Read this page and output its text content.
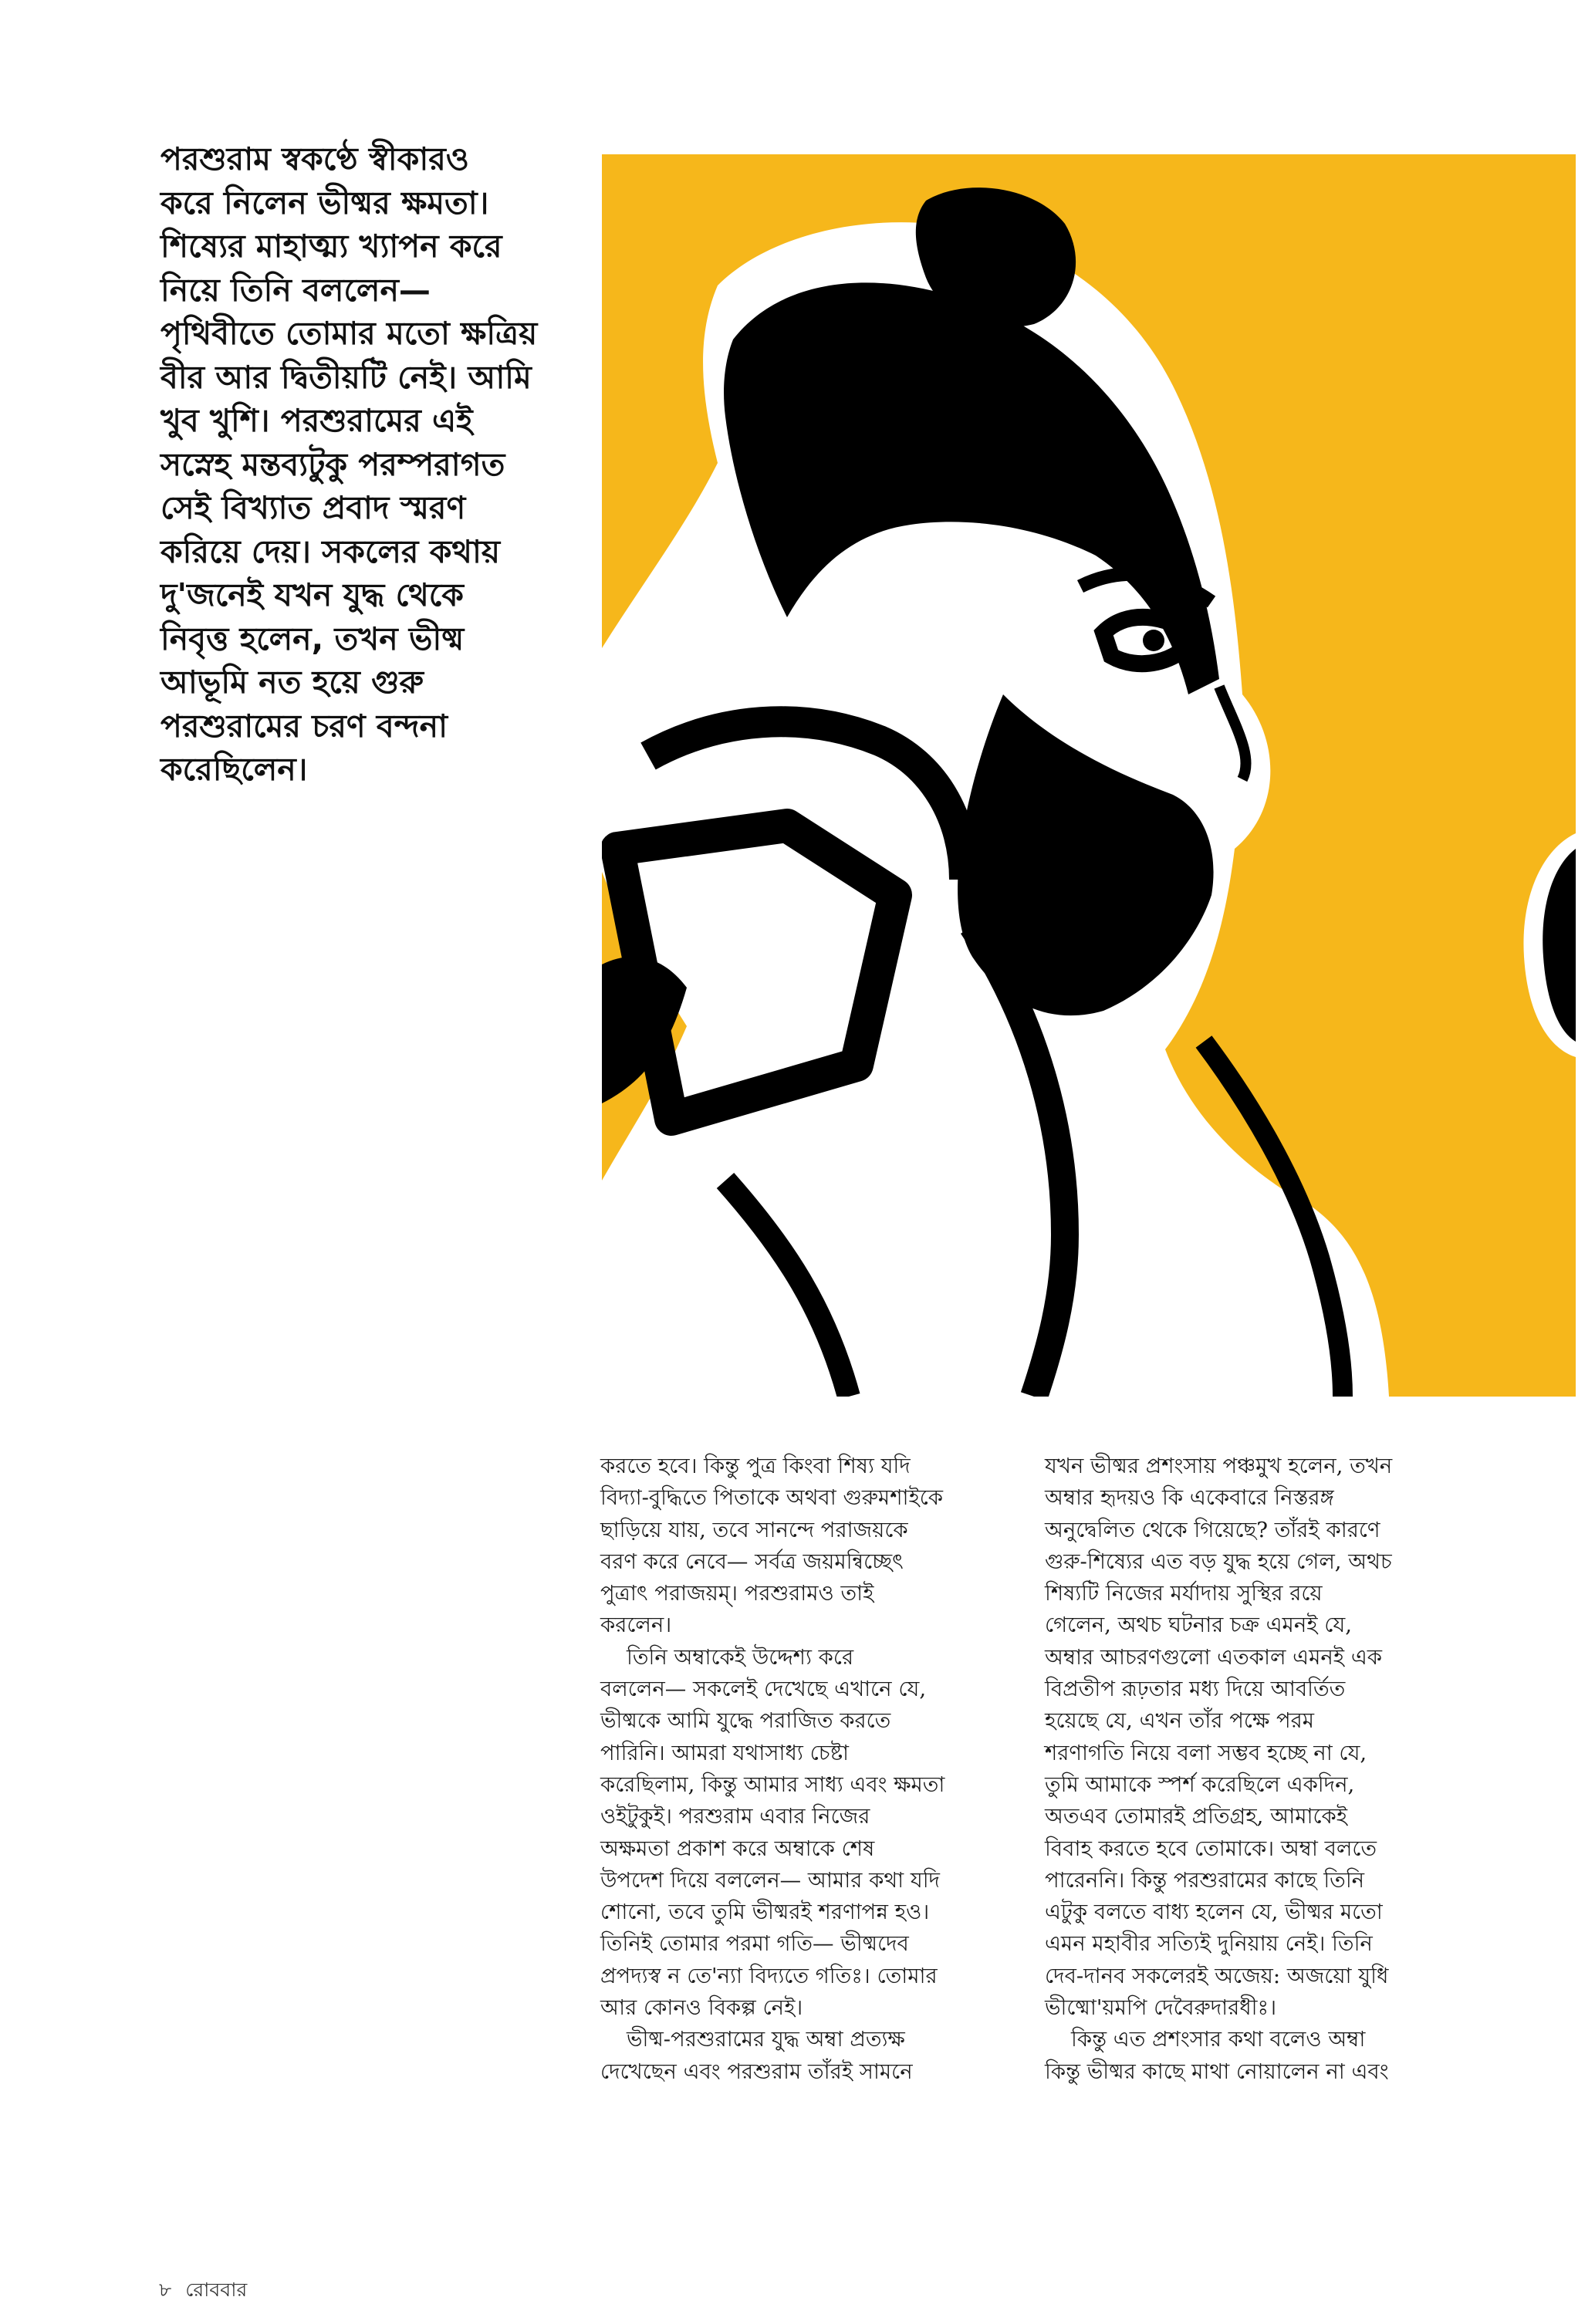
পরশুরাম স্বকণ্ঠে স্বীকারও
করে নিলেন ভীষ্মর ক্ষমতা।
শিষ্যের মাহাত্ম্য খ্যাপন করে
নিয়ে তিনি বললেন—
পৃথিবীতে তোমার মতো ক্ষত্রিয়
বীর আর দ্বিতীয়টি নেই। আমি
খুব খুশি। পরশুরামের এই
সস্নেহ মন্তব্যটুকু পরম্পরাগত
সেই বিখ্যাত প্রবাদ স্মরণ
করিয়ে দেয়। সকলের কথায়
দু'জনেই যখন যুদ্ধ থেকে
নিবৃত্ত হলেন, তখন ভীষ্ম
আভূমি নত হয়ে গুরু
পরশুরামের চরণ বন্দনা
করেছিলেন।
করতে হবে। কিন্তু পুত্র কিংবা শিষ্য যদি
বিদ্যা-বুদ্ধিতে পিতাকে অথবা গুরুমশাইকে
ছাড়িয়ে যায়, তবে সানন্দে পরাজয়কে
বরণ করে নেবে— সর্বত্র জয়মন্বিচ্ছেৎ
পুত্রাৎ পরাজয়ম্‌। পরশুরামও তাই
করলেন।
তিনি অম্বাকেই উদ্দেশ্য করে
বললেন— সকলেই দেখেছে এখানে যে,
ভীষ্মকে আমি যুদ্ধে পরাজিত করতে
পারিনি। আমরা যথাসাধ্য চেষ্টা
করেছিলাম, কিন্তু আমার সাধ্য এবং ক্ষমতা
ওইটুকুই। পরশুরাম এবার নিজের
অক্ষমতা প্রকাশ করে অম্বাকে শেষ
উপদেশ দিয়ে বললেন— আমার কথা যদি
শোনো, তবে তুমি ভীষ্মরই শরণাপন্ন হও।
তিনিই তোমার পরমা গতি— ভীষ্মদেব
প্রপদ্যস্ব ন তে'ন্যা বিদ্যতে গতিঃ। তোমার
আর কোনও বিকল্প নেই।
ভীষ্ম-পরশুরামের যুদ্ধ অম্বা প্রত্যক্ষ
দেখেছেন এবং পরশুরাম তাঁরই সামনে
যখন ভীষ্মর প্রশংসায় পঞ্চমুখ হলেন, তখন
অম্বার হৃদয়ও কি একেবারে নিস্তরঙ্গ
অনুদ্বেলিত থেকে গিয়েছে? তাঁরই কারণে
গুরু-শিষ্যের এত বড় যুদ্ধ হয়ে গেল, অথচ
শিষ্যটি নিজের মর্যাদায় সুস্থির রয়ে
গেলেন, অথচ ঘটনার চক্র এমনই যে,
অম্বার আচরণগুলো এতকাল এমনই এক
বিপ্রতীপ রূঢ়তার মধ্য দিয়ে আবর্তিত
হয়েছে যে, এখন তাঁর পক্ষে পরম
শরণাগতি নিয়ে বলা সম্ভব হচ্ছে না যে,
তুমি আমাকে স্পর্শ করেছিলে একদিন,
অতএব তোমারই প্রতিগ্রহ, আমাকেই
বিবাহ করতে হবে তোমাকে। অম্বা বলতে
পারেননি। কিন্তু পরশুরামের কাছে তিনি
এটুকু বলতে বাধ্য হলেন যে, ভীষ্মর মতো
এমন মহাবীর সত্যিই দুনিয়ায় নেই। তিনি
দেব-দানব সকলেরই অজেয়: অজয়ো যুধি
ভীষ্মো'য়মপি দেবৈরুদারধীঃ।
কিন্তু এত প্রশংসার কথা বলেও অম্বা
কিন্তু ভীষ্মর কাছে মাথা নোয়ালেন না এবং
৮ রোববার
